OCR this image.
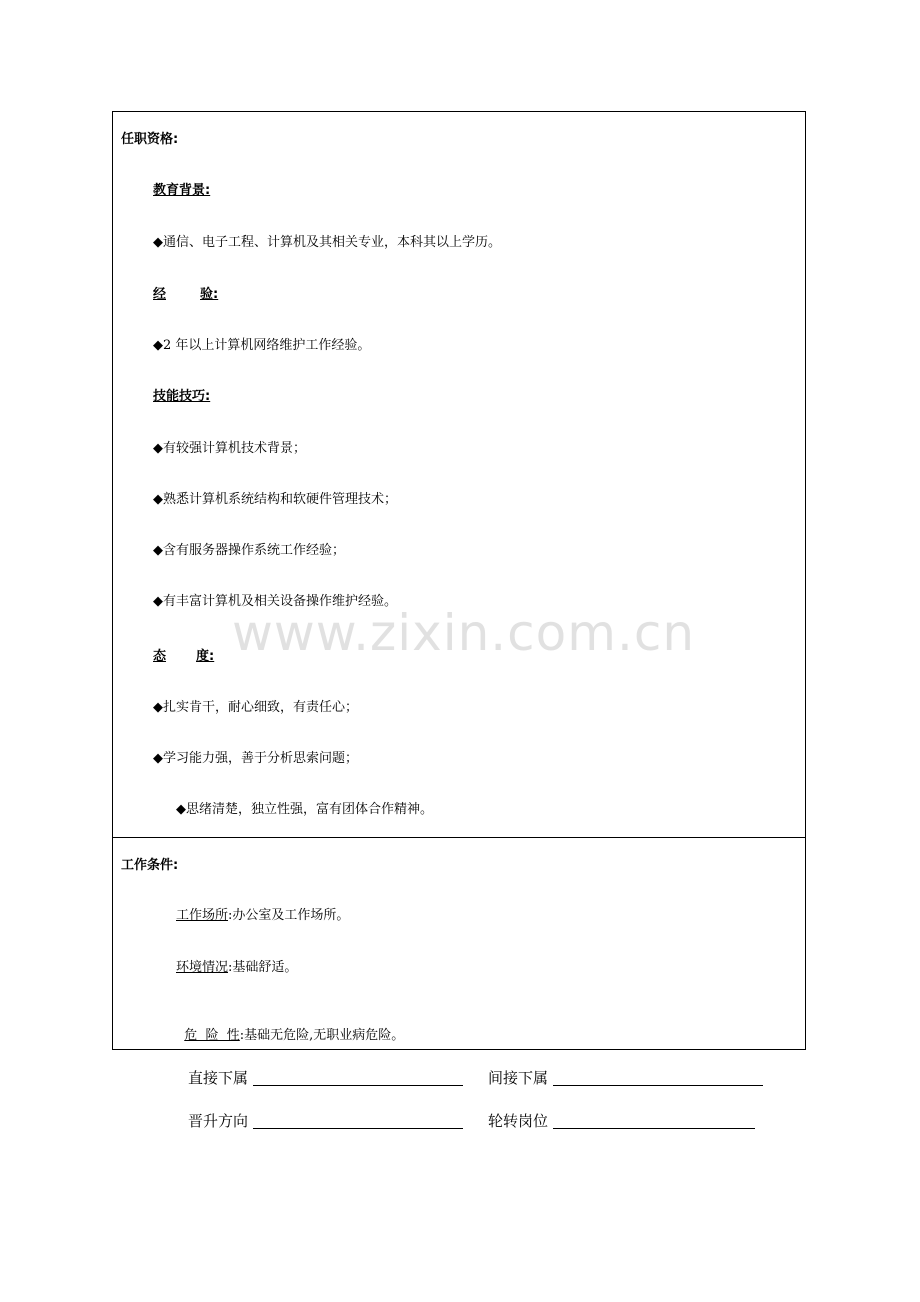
任职资格:
教育背景:
◆通信、电子工程、计算机及其相关专业，本科其以上学历。
经	验:
◆2 年以上计算机网络维护工作经验。
技能技巧:
◆有较强计算机技术背景；
◆熟悉计算机系统结构和软硬件管理技术；
◆含有服务器操作系统工作经验；
◆有丰富计算机及相关设备操作维护经验。
态 度:
◆扎实肯干，耐心细致，有责任心；
◆学习能力强，善于分析思索问题；
◆思绪清楚，独立性强，富有团体合作精神。
工作条件:
工作场所:办公室及工作场所。
环境情况:基础舒适。

危  险  性:基础无危险,无职业病危险。

直接下属	间接下属
晋升方向	轮转岗位
www.zixin.com.cn
